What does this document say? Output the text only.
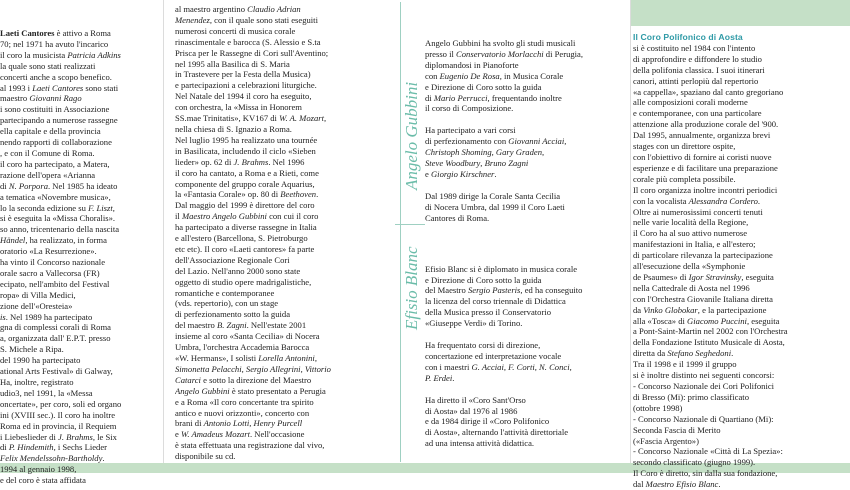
Laeti Cantores è attivo a Roma

70; nel 1971 ha avuto l'incarico

il coro la musicista Patricia Adkins

la quale sono stati realizzati

concerti anche a scopo benefico.

al 1993 i Laeti Cantores sono stati

maestro Giovanni Rago

i sono costituiti in Associazione

partecipando a numerose rassegne

ella capitale e della provincia

nendo rapporti di collaborazione

, e con il Comune di Roma.

il coro ha partecipato, a Matera,

razione dell'opera «Arianna

di N. Porpora. Nel 1985 ha ideato

a tematica «Novembre musica»,

lo la seconda edizione su F. Liszt,

si è eseguita la «Missa Choralis».

so anno, tricentenario della nascita

Händel, ha realizzato, in forma

oratorio «La Resurrezione».

ha vinto il Concorso nazionale

orale sacro a Vallecorsa (FR)

ecipato, nell'ambito del Festival

ropa» di Villa Medici,

zione dell'«Oresteia»

is. Nel 1989 ha partecipato

gna di complessi corali di Roma

a, organizzata dall' E.P.T. presso

S. Michele a Ripa.

del 1990 ha partecipato

ational Arts Festival» di Galway,

Ha, inoltre, registrato

udio3, nel 1991, la «Messa

oncertate», per coro, soli ed organo

ini (XVIII sec.). Il coro ha inoltre

Roma ed in provincia, il Requiem

i Liebeslieder di J. Brahms, le Six

di P. Hindemith, i Sechs Lieder

Felix Mendelssohn-Bartholdy.

1994 al gennaio 1998,

e del coro è stata affidata

al maestro argentino Claudio Adrian

Menendez, con il quale sono stati eseguiti

numerosi concerti di musica corale

rinascimentale e barocca (S. Alessio e S.ta

Prisca per le Rassegne di Cori sull'Aventino;

nel 1995 alla Basilica di S. Maria

in Trastevere per la Festa della Musica)

e partecipazioni a celebrazioni liturgiche.

Nel Natale del 1994 il coro ha eseguito,

con orchestra, la «Missa in Honorem

SS.mae Trinitatis», KV167 di W. A. Mozart,

nella chiesa di S. Ignazio a Roma.

Nel luglio 1995 ha realizzato una tournée

in Basilicata, includendo il ciclo «Sieben

lieder» op. 62 di J. Brahms. Nel 1996

il coro ha cantato, a Roma e a Rieti, come

componente del gruppo corale Aquarius,

la «Fantasia Corale» op. 80 di Beethoven.

Dal maggio del 1999 è direttore del coro

il Maestro Angelo Gubbini con cui il coro

ha partecipato a diverse rassegne in Italia

e all'estero (Barcellona, S. Pietroburgo

etc etc). Il coro «Laeti cantores» fa parte

dell'Associazione Regionale Cori

del Lazio. Nell'anno 2000 sono state

oggetto di studio opere madrigalistiche,

romantiche e contemporanee

(vds. repertorio), con un stage

di perfezionamento sotto la guida

del maestro B. Zagni. Nell'estate 2001

insieme al coro «Santa Cecilia» di Nocera

Umbra, l'orchestra Accademia Barocca

«W. Hermans», I solisti Lorella Antonini,

Simonetta Pelacchi, Sergio Allegrini, Vittorio

Catarci e sotto la direzione del Maestro

Angelo Gubbini è stato presentato a Perugia

e a Roma «Il coro concertante tra spirito

antico e nuovi orizzonti», concerto con

brani di Antonio Lotti, Henry Purcell

e W. Amadeus Mozart. Nell'occasione

è stata effettuata una registrazione dal vivo,

disponibile su cd.

Angelo Gubbini
Efisio Blanc

Angelo Gubbini ha svolto gli studi musicali

presso il Conservatorio Morlacchi di Perugia,

diplomandosi in Pianoforte

con Eugenio De Rosa, in Musica Corale

e Direzione di Coro sotto la guida

di Mario Perrucci, frequentando inoltre

il corso di Composizione.

Ha partecipato a vari corsi

di perfezionamento con Giovanni Acciai,

Christoph Shoming, Gary Graden,

Steve Woodbury, Bruno Zagni

e Giorgio Kirschner.

Dal 1989 dirige la Corale Santa Cecilia

di Nocera Umbra, dal 1999 il Coro Laeti

Cantores di Roma.

Efisio Blanc si è diplomato in musica corale

e Direzione di Coro sotto la guida

del Maestro Sergio Pasteris, ed ha conseguito

la licenza del corso triennale di Didattica

della Musica presso il Conservatorio

«Giuseppe Verdi» di Torino.

Ha frequentato corsi di direzione,

concertazione ed interpretazione vocale

con i maestri G. Acciai, F. Corti, N. Conci,

P. Erdei.

Ha diretto il «Coro Sant'Orso

di Aosta» dal 1976 al 1986

e da 1984 dirige il «Coro Polifonico

di Aosta», alternando l'attività direttoriale

ad una intensa attività didattica.

Il Coro Polifonico di Aosta

si è costituito nel 1984 con l'intento

di approfondire e diffondere lo studio

della polifonia classica. I suoi itinerari

canori, attinti perlopiù dal repertorio

«a cappella», spaziano dal canto gregoriano

alle composizioni corali moderne

e contemporanee, con una particolare

attenzione alla produzione corale del '900.

Dal 1995, annualmente, organizza brevi

stages con un direttore ospite,

con l'obiettivo di fornire ai coristi nuove

esperienze e di facilitare una preparazione

corale più completa possibile.

Il coro organizza inoltre incontri periodici

con la vocalista Alessandra Cordero.

Oltre ai numerosissimi concerti tenuti

nelle varie località della Regione,

il Coro ha al suo attivo numerose

manifestazioni in Italia, e all'estero;

di particolare rilevanza la partecipazione

all'esecuzione della «Symphonie

de Psaumes» di Igor Stravinsky, eseguita

nella Cattedrale di Aosta nel 1996

con l'Orchestra Giovanile Italiana diretta

da Vinko Globokar, e la partecipazione

alla «Tosca» di Giacomo Puccini, eseguita

a Pont-Saint-Martin nel 2002 con l'Orchestra

della Fondazione Istituto Musicale di Aosta,

diretta da Stefano Seghedoni.

Tra il 1998 e il 1999 il gruppo

si è inoltre distinto nei seguenti concorsi:

- Concorso Nazionale dei Cori Polifonici

di Bresso (Mi): primo classificato

(ottobre 1998)

- Concorso Nazionale di Quartiano (Mi):

Seconda Fascia di Merito

(«Fascia Argento»)

- Concorso Nazionale «Città di La Spezia»:

secondo classificato (giugno 1999).

Il Coro è diretto, sin dalla sua fondazione,

dal Maestro Efisio Blanc.
